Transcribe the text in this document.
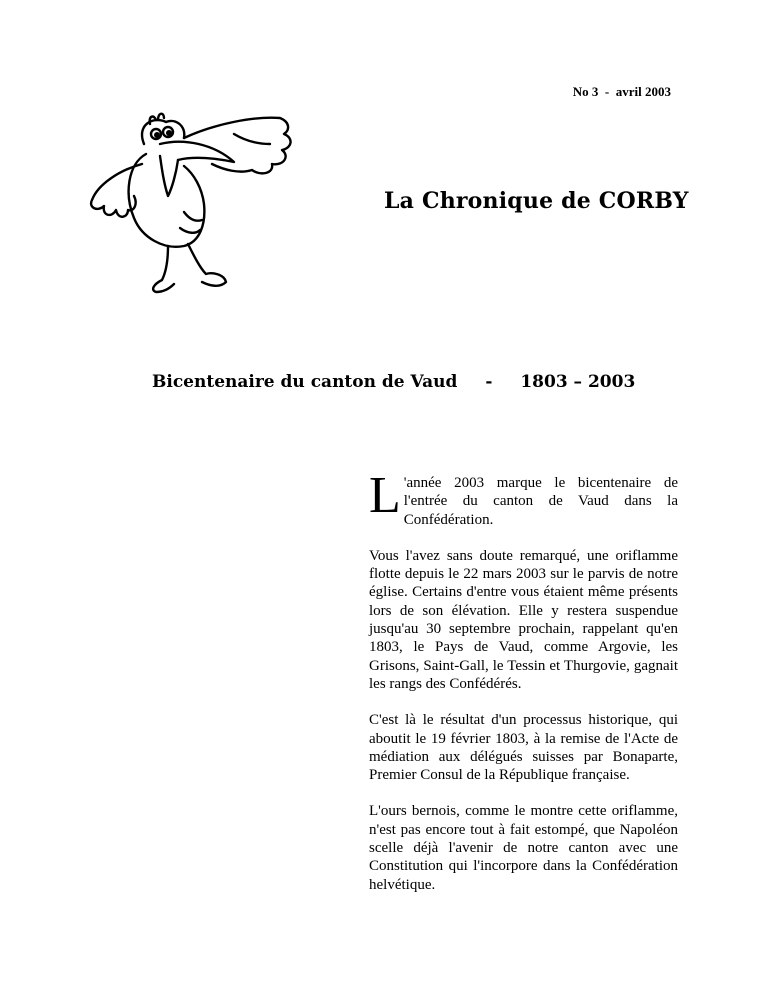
No 3  -  avril 2003
La Chronique de CORBY
Bicentenaire du canton de Vaud - 1803 – 2003

L 'année 2003 marque le bicentenaire de l'entrée du canton de Vaud dans la Confédération.

Vous l'avez sans doute remarqué, une oriflamme flotte depuis le 22 mars 2003 sur le parvis de notre église. Certains d'entre vous étaient même présents lors de son élévation. Elle y restera suspendue jusqu'au 30 septembre prochain, rappelant qu'en 1803, le Pays de Vaud, comme Argovie, les Grisons, Saint-Gall, le Tessin et Thurgovie, gagnait les rangs des Confédérés.

C'est là le résultat d'un processus historique, qui aboutit le 19 février 1803, à la remise de l'Acte de médiation aux délégués suisses par Bonaparte, Premier Consul de la République française.

L'ours bernois, comme le montre cette oriflamme, n'est pas encore tout à fait estompé, que Napoléon scelle déjà l'avenir de notre canton avec une Constitution qui l'incorpore dans la Confédération helvétique.
